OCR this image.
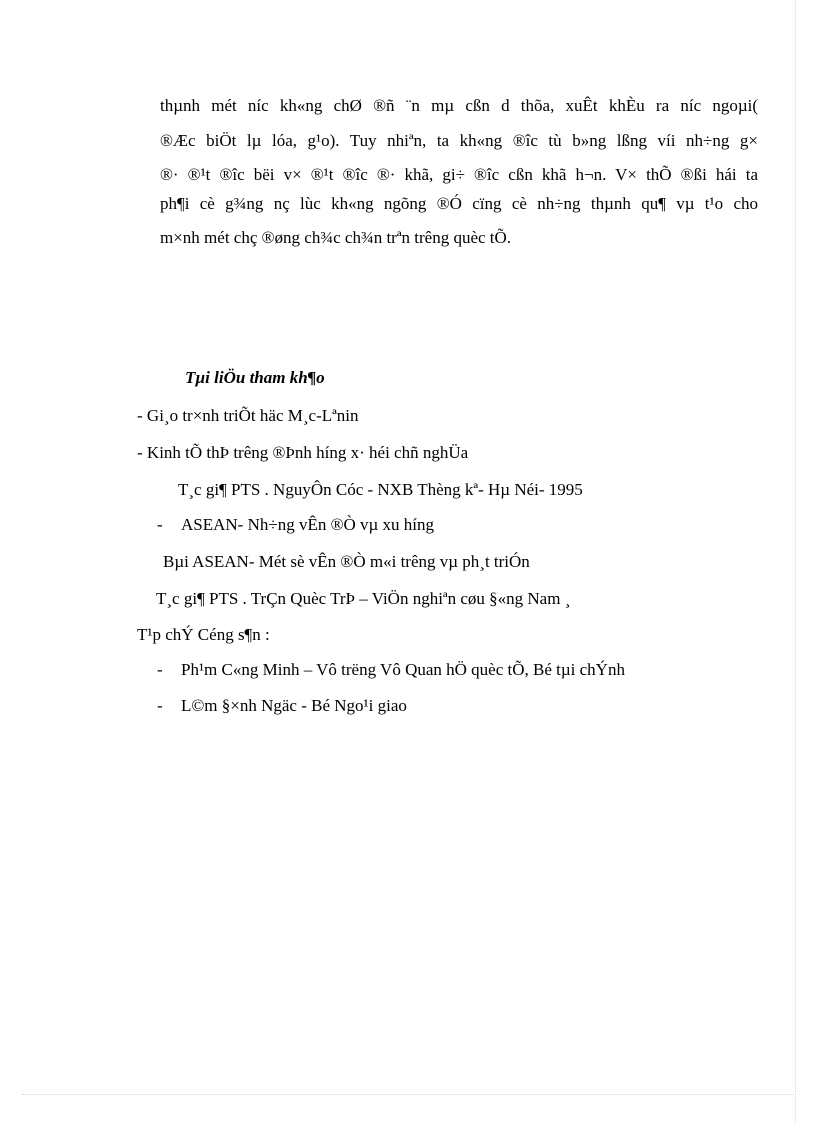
thµnh mét níc kh«ng chØ ®ñ ¨n mµ cßn d thõa, xuÊt khÈu ra níc ngoµi(
®Æc biÖt lµ lóa, g¹o). Tuy nhiªn, ta kh«ng ®îc tù b»ng lßng víi nh÷ng g×
®· ®¹t ®îc bëi v× ®¹t ®îc ®· khã, gi÷ ®îc cßn khã h¬n. V× thÕ ®ßi hái ta
ph¶i cè g¾ng nç lùc kh«ng ngõng ®Ó cïng cè nh÷ng thµnh qu¶ vµ t¹o cho
m×nh mét chç ®øng ch¾c ch¾n trªn trêng quèc tÕ.
Tµi liÖu tham kh¶o
- Gi¸o tr×nh triÕt häc M¸c-Lªnin
- Kinh tÕ thÞ trêng ®Þnh híng x· héi chñ nghÜa
T¸c gi¶ PTS . NguyÔn Cóc - NXB Thèng kª- Hµ Néi- 1995
- ASEAN- Nh÷ng vÊn ®Ò vµ xu híng
Bµi ASEAN- Mét sè vÊn ®Ò m«i trêng vµ ph¸t triÓn
T¸c gi¶ PTS . TrÇn Quèc TrÞ – ViÖn nghiªn cøu §«ng Nam ¸
T¹p chÝ Céng s¶n :
- Ph¹m C«ng Minh – Vô trëng Vô Quan hÖ quèc tÕ, Bé tµi chÝnh
- L©m §×nh Ngäc - Bé Ngo¹i giao
